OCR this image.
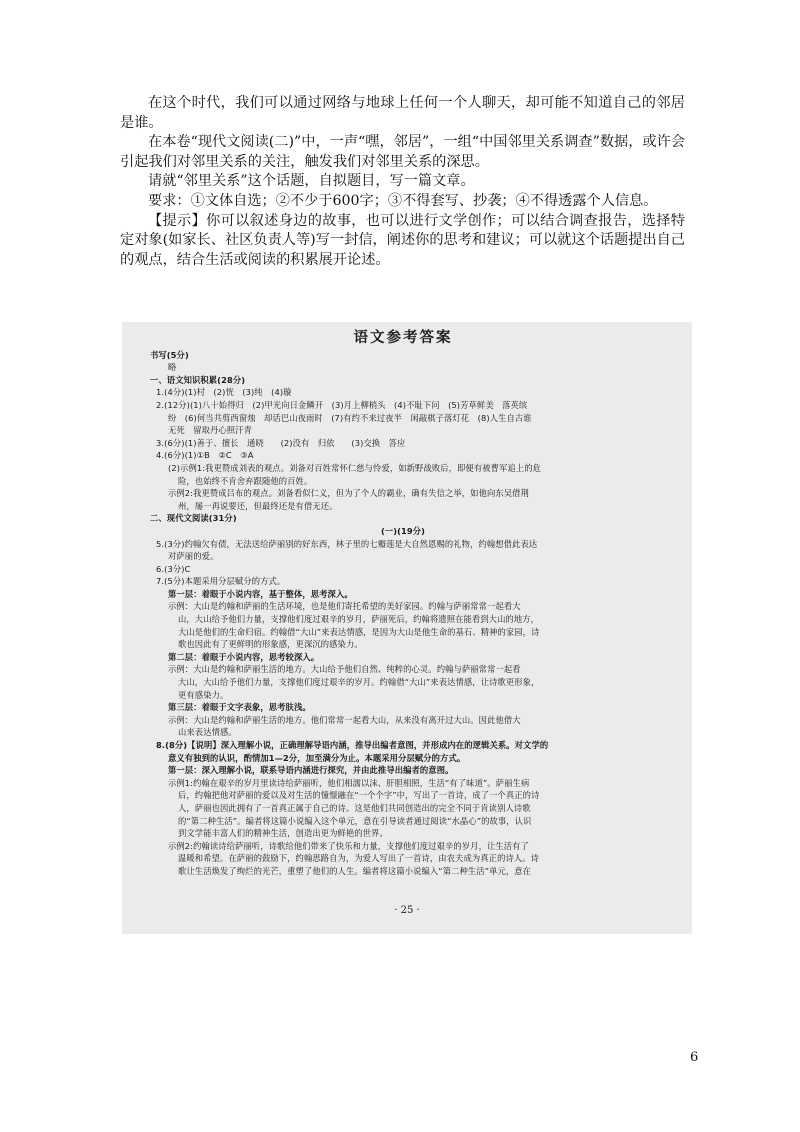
在这个时代，我们可以通过网络与地球上任何一个人聊天，却可能不知道自己的邻居是谁。

在本卷“现代文阅读(二)”中，一声“嘿，邻居”，一组“中国邻里关系调查”数据，或许会引起我们对邻里关系的关注，触发我们对邻里关系的深思。

请就“邻里关系”这个话题，自拟题目，写一篇文章。

要求：①文体自选；②不少于600字；③不得套写、抄袭；④不得透露个人信息。

【提示】你可以叙述身边的故事，也可以进行文学创作；可以结合调查报告，选择特定对象(如家长、社区负责人等)写一封信，阐述你的思考和建议；可以就这个话题提出自己的观点，结合生活或阅读的积累展开论述。

语文参考答案
书写(5分)
略
一、语文知识积累(28分)
1.(4分)(1)村　(2)恍　(3)纯　(4)璇
2.(12分)(1)八十始得归　(2)甲光向日金鳞开　(3)月上柳梢头　(4)不耻下问　(5)芳草鲜美　落英缤
纷　(6)何当共剪西窗烛　却话巴山夜雨时　(7)有约不来过夜半　闲敲棋子落灯花　(8)人生自古谁
无死　留取丹心照汗青
3.(6分)(1)善于、擅长　通晓　　(2)没有　归依　　(3)交换　答应
4.(6分)(1)①B　②C　③A
(2)示例1:我更赞成刘表的观点。刘备对百姓常怀仁慈与怜爱，如新野战败后，即便有被曹军追上的危
险，也始终不肯舍弃跟随他的百姓。
示例2:我更赞成吕布的观点。刘备看似仁义，但为了个人的霸业，确有失信之举，如他向东吴借荆
州，屡一再说要还，但最终还是有借无还。
二、现代文阅读(31分)
(一)(19分)
5.(3分)约翰欠有债，无法送给萨丽别的好东西，林子里的七瓣莲是大自然恩赐的礼物，约翰想借此表达
对萨丽的爱。
6.(3分)C
7.(5分)本题采用分层赋分的方式。
第一层：着眼于小说内容，基于整体，思考深入。
示例：大山是约翰和萨丽的生活环境，也是他们寄托希望的美好家园。约翰与萨丽常常一起看大
山，大山给予他们力量，支撑他们度过艰辛的岁月，萨丽死后，约翰将遗照在能看到大山的地方，
大山是他们的生命归宿。约翰借“大山”来表达情感，是因为大山是他生命的基石、精神的家园，诗
歌也因此有了更鲜明的形象感，更深沉的感染力。
第二层：着眼于小说内容，思考较深入。
示例：大山是约翰和萨丽生活的地方。大山给予他们自然、纯粹的心灵。约翰与萨丽常常一起看
大山，大山给予他们力量，支撑他们度过艰辛的岁月。约翰借“大山”来表达情感，让诗歌更形象，
更有感染力。
第三层：着眼于文字表象，思考肤浅。
示例：大山是约翰和萨丽生活的地方。他们常常一起看大山，从来没有离开过大山。因此他借大
山来表达情感。
8.(8分)【说明】深入理解小说，正确理解导语内涵，推导出编者意图，并形成内在的逻辑关系。对文学的
意义有独到的认识，酌情加1—2分，加至满分为止。本题采用分层赋分的方式。
第一层：深入理解小说，联系导语内涵进行探究，并由此推导出编者的意图。
示例1:约翰在艰辛的岁月里读诗给萨丽听，他们相濡以沫、肝胆相照，生活“有了味道”。萨丽生病
后，约翰把他对萨丽的爱以及对生活的憧憬融在“一个个字”中，写出了一首诗，成了一个真正的诗
人，萨丽也因此拥有了一首真正属于自己的诗。这是他们共同创造出的完全不同于肯读别人诗歌
的“第二种生活”。编者将这篇小说编入这个单元，意在引导读者通过阅读“水晶心”的故事，认识
到文学能丰富人们的精神生活，创造出更为鲜艳的世界。
示例2:约翰读诗给萨丽听，诗歌给他们带来了快乐和力量，支撑他们度过艰辛的岁月，让生活有了
温暖和希望。在萨丽的鼓励下，约翰思路自为，为爱人写出了一首诗，由农夫成为真正的诗人。诗
歌让生活焕发了绚烂的光芒，重塑了他们的人生。编者将这篇小说编入“第二种生活”单元，意在
· 25 ·
6
